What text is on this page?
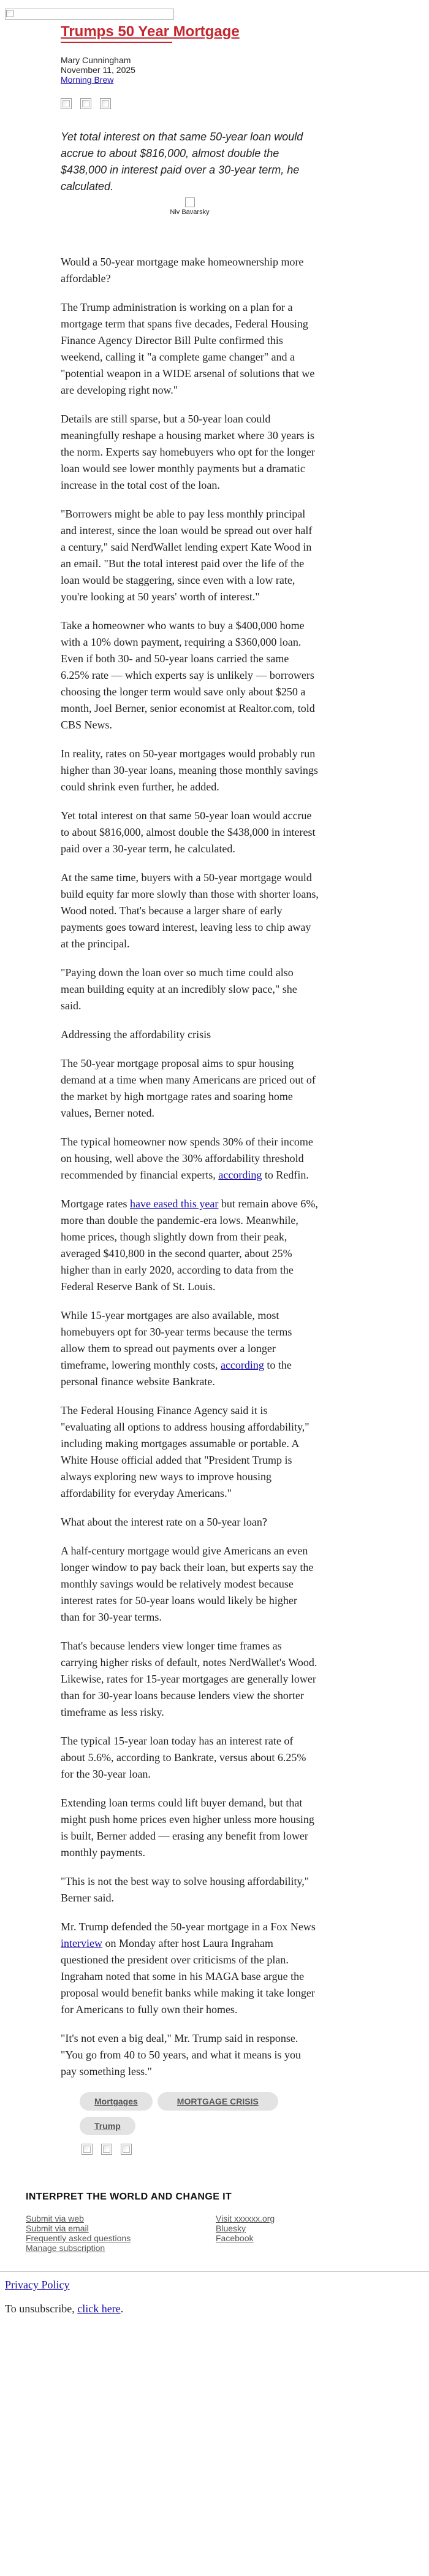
Trumps 50 Year Mortgage
Mary Cunningham
November 11, 2025
Morning Brew
Yet total interest on that same 50-year loan would accrue to about $816,000, almost double the $438,000 in interest paid over a 30-year term, he calculated.
Niv Bavarsky

Would a 50-year mortgage make homeownership more affordable?

The Trump administration is working on a plan for a mortgage term that spans five decades, Federal Housing Finance Agency Director Bill Pulte confirmed this weekend, calling it "a complete game changer" and a "potential weapon in a WIDE arsenal of solutions that we are developing right now."

Details are still sparse, but a 50-year loan could meaningfully reshape a housing market where 30 years is the norm. Experts say homebuyers who opt for the longer loan would see lower monthly payments but a dramatic increase in the total cost of the loan.

"Borrowers might be able to pay less monthly principal and interest, since the loan would be spread out over half a century," said NerdWallet lending expert Kate Wood in an email. "But the total interest paid over the life of the loan would be staggering, since even with a low rate, you're looking at 50 years' worth of interest."

Take a homeowner who wants to buy a $400,000 home with a 10% down payment, requiring a $360,000 loan. Even if both 30- and 50-year loans carried the same 6.25% rate — which experts say is unlikely — borrowers choosing the longer term would save only about $250 a month, Joel Berner, senior economist at Realtor.com, told CBS News.

In reality, rates on 50-year mortgages would probably run higher than 30-year loans, meaning those monthly savings could shrink even further, he added.

Yet total interest on that same 50-year loan would accrue to about $816,000, almost double the $438,000 in interest paid over a 30-year term, he calculated.

At the same time, buyers with a 50-year mortgage would build equity far more slowly than those with shorter loans, Wood noted. That's because a larger share of early payments goes toward interest, leaving less to chip away at the principal.

"Paying down the loan over so much time could also mean building equity at an incredibly slow pace," she said.

Addressing the affordability crisis

The 50-year mortgage proposal aims to spur housing demand at a time when many Americans are priced out of the market by high mortgage rates and soaring home values, Berner noted.

The typical homeowner now spends 30% of their income on housing, well above the 30% affordability threshold recommended by financial experts, according to Redfin.

Mortgage rates have eased this year but remain above 6%, more than double the pandemic-era lows. Meanwhile, home prices, though slightly down from their peak, averaged $410,800 in the second quarter, about 25% higher than in early 2020, according to data from the Federal Reserve Bank of St. Louis.

While 15-year mortgages are also available, most homebuyers opt for 30-year terms because the terms allow them to spread out payments over a longer timeframe, lowering monthly costs, according to the personal finance website Bankrate.

The Federal Housing Finance Agency said it is "evaluating all options to address housing affordability," including making mortgages assumable or portable. A White House official added that "President Trump is always exploring new ways to improve housing affordability for everyday Americans."

What about the interest rate on a 50-year loan?

A half-century mortgage would give Americans an even longer window to pay back their loan, but experts say the monthly savings would be relatively modest because interest rates for 50-year loans would likely be higher than for 30-year terms.

That's because lenders view longer time frames as carrying higher risks of default, notes NerdWallet's Wood. Likewise, rates for 15-year mortgages are generally lower than for 30-year loans because lenders view the shorter timeframe as less risky.

The typical 15-year loan today has an interest rate of about 5.6%, according to Bankrate, versus about 6.25% for the 30-year loan.

Extending loan terms could lift buyer demand, but that might push home prices even higher unless more housing is built, Berner added — erasing any benefit from lower monthly payments.

"This is not the best way to solve housing affordability," Berner said.

Mr. Trump defended the 50-year mortgage in a Fox News interview on Monday after host Laura Ingraham questioned the president over criticisms of the plan. Ingraham noted that some in his MAGA base argue the proposal would benefit banks while making it take longer for Americans to fully own their homes.

"It's not even a big deal," Mr. Trump said in response. "You go from 40 to 50 years, and what it means is you pay something less."

Mortgages	MORTGAGE CRISIS
Trump
INTERPRET THE WORLD AND CHANGE IT
Submit via web
Submit via email
Frequently asked questions
Manage subscription
Visit xxxxxx.org
Bluesky
Facebook
Privacy Policy
To unsubscribe, click here.
